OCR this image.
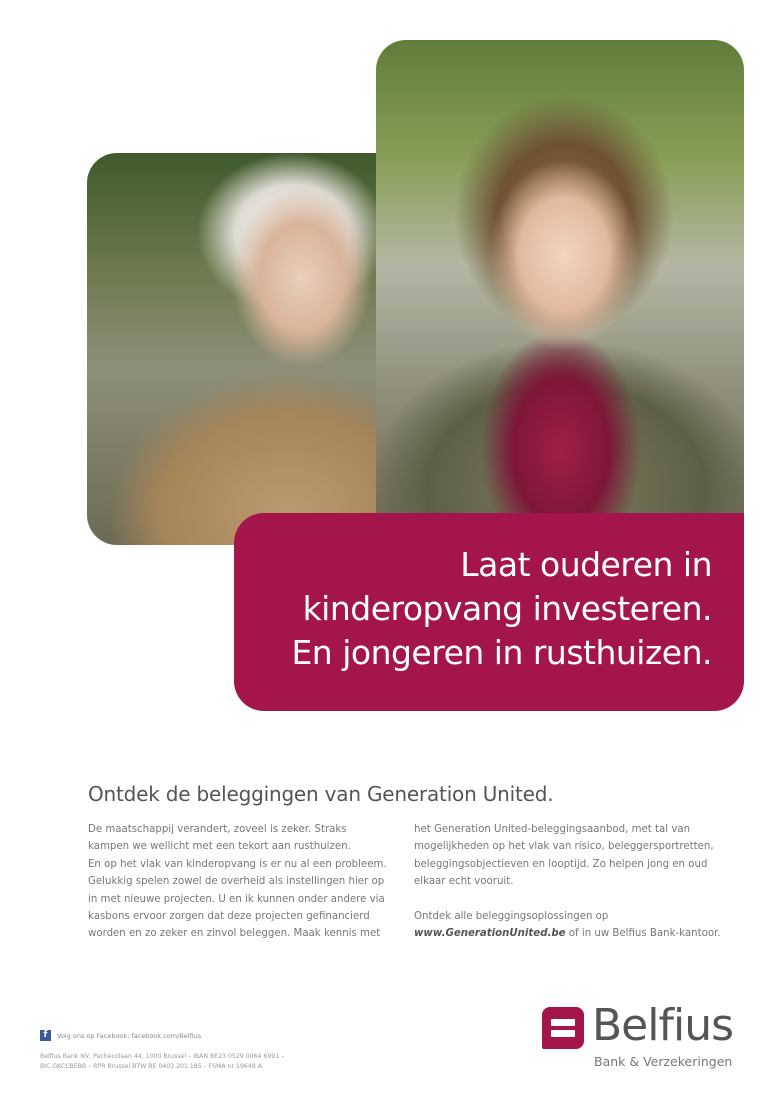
Laat ouderen in
kinderopvang investeren.
En jongeren in rusthuizen.
Ontdek de beleggingen van Generation United.

De maatschappij verandert, zoveel is zeker. Straks

kampen we wellicht met een tekort aan rusthuizen.

En op het vlak van kinderopvang is er nu al een probleem.

Gelukkig spelen zowel de overheid als instellingen hier op

in met nieuwe projecten. U en ik kunnen onder andere via

kasbons ervoor zorgen dat deze projecten gefinancierd

worden en zo zeker en zinvol beleggen. Maak kennis met

het Generation United-beleggingsaanbod, met tal van

mogelijkheden op het vlak van risico, beleggersportretten,

beleggingsobjectieven en looptijd. Zo helpen jong en oud

elkaar echt vooruit.

Ontdek alle beleggingsoplossingen op

www.GenerationUnited.be of in uw Belfius Bank-kantoor.

f	Volg ons op Facebook: facebook.com/Belfius
Belfius Bank NV, Pachecolaan 44, 1000 Brussel – IBAN BE23 0529 0064 6991 –
BIC GKCCBEBB – RPR Brussel BTW BE 0403.201.185 – FSMA nr 19649 A.
Belfius
Bank & Verzekeringen
